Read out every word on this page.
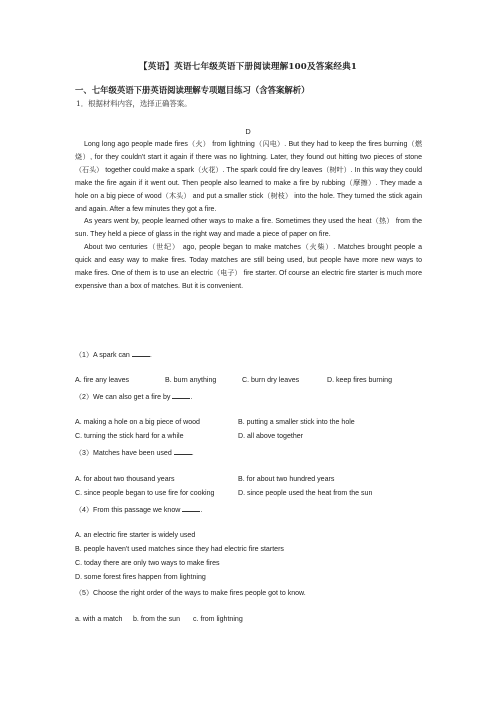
【英语】英语七年级英语下册阅读理解100及答案经典1
一、七年级英语下册英语阅读理解专项题目练习（含答案解析）
1．根据材料内容，选择正确答案。
D

Long long ago people made fires（火） from lightning（闪电）. But they had to keep the fires burning（燃烧）, for they couldn't start it again if there was no lightning. Later, they found out hitting two pieces of stone（石头） together could make a spark（火花）. The spark could fire dry leaves（树叶）. In this way they could make the fire again if it went out. Then people also learned to make a fire by rubbing（摩擦）. They made a hole on a big piece of wood（木头） and put a smaller stick（树枝） into the hole. They turned the stick again and again. After a few minutes they got a fire.

As years went by, people learned other ways to make a fire. Sometimes they used the heat（热） from the sun. They held a piece of glass in the right way and made a piece of paper on fire.

About two centuries（世纪） ago, people began to make matches（火柴）. Matches brought people a quick and easy way to make fires. Today matches are still being used, but people have more new ways to make fires. One of them is to use an electric（电子） fire starter. Of course an electric fire starter is much more expensive than a box of matches. But it is convenient.

（1）A spark can	.
A. fire any leaves	B. burn anything	C. burn dry leaves	D. keep fires burning
（2）We can also get a fire by	.
A. making a hole on a big piece of wood	B. putting a smaller stick into the hole
C. turning the stick hard for a while	D. all above together
（3）Matches have been used	.
A. for about two thousand years	B. for about two hundred years
C. since people began to use fire for cooking	D. since people used the heat from the sun
（4）From this passage we know	.
A. an electric fire starter is widely used
B. people haven't used matches since they had electric fire starters
C. today there are only two ways to make fires
D. some forest fires happen from lightning
（5）Choose the right order of the ways to make fires people got to know.
a. with a match b. from the sun c. from lightning
